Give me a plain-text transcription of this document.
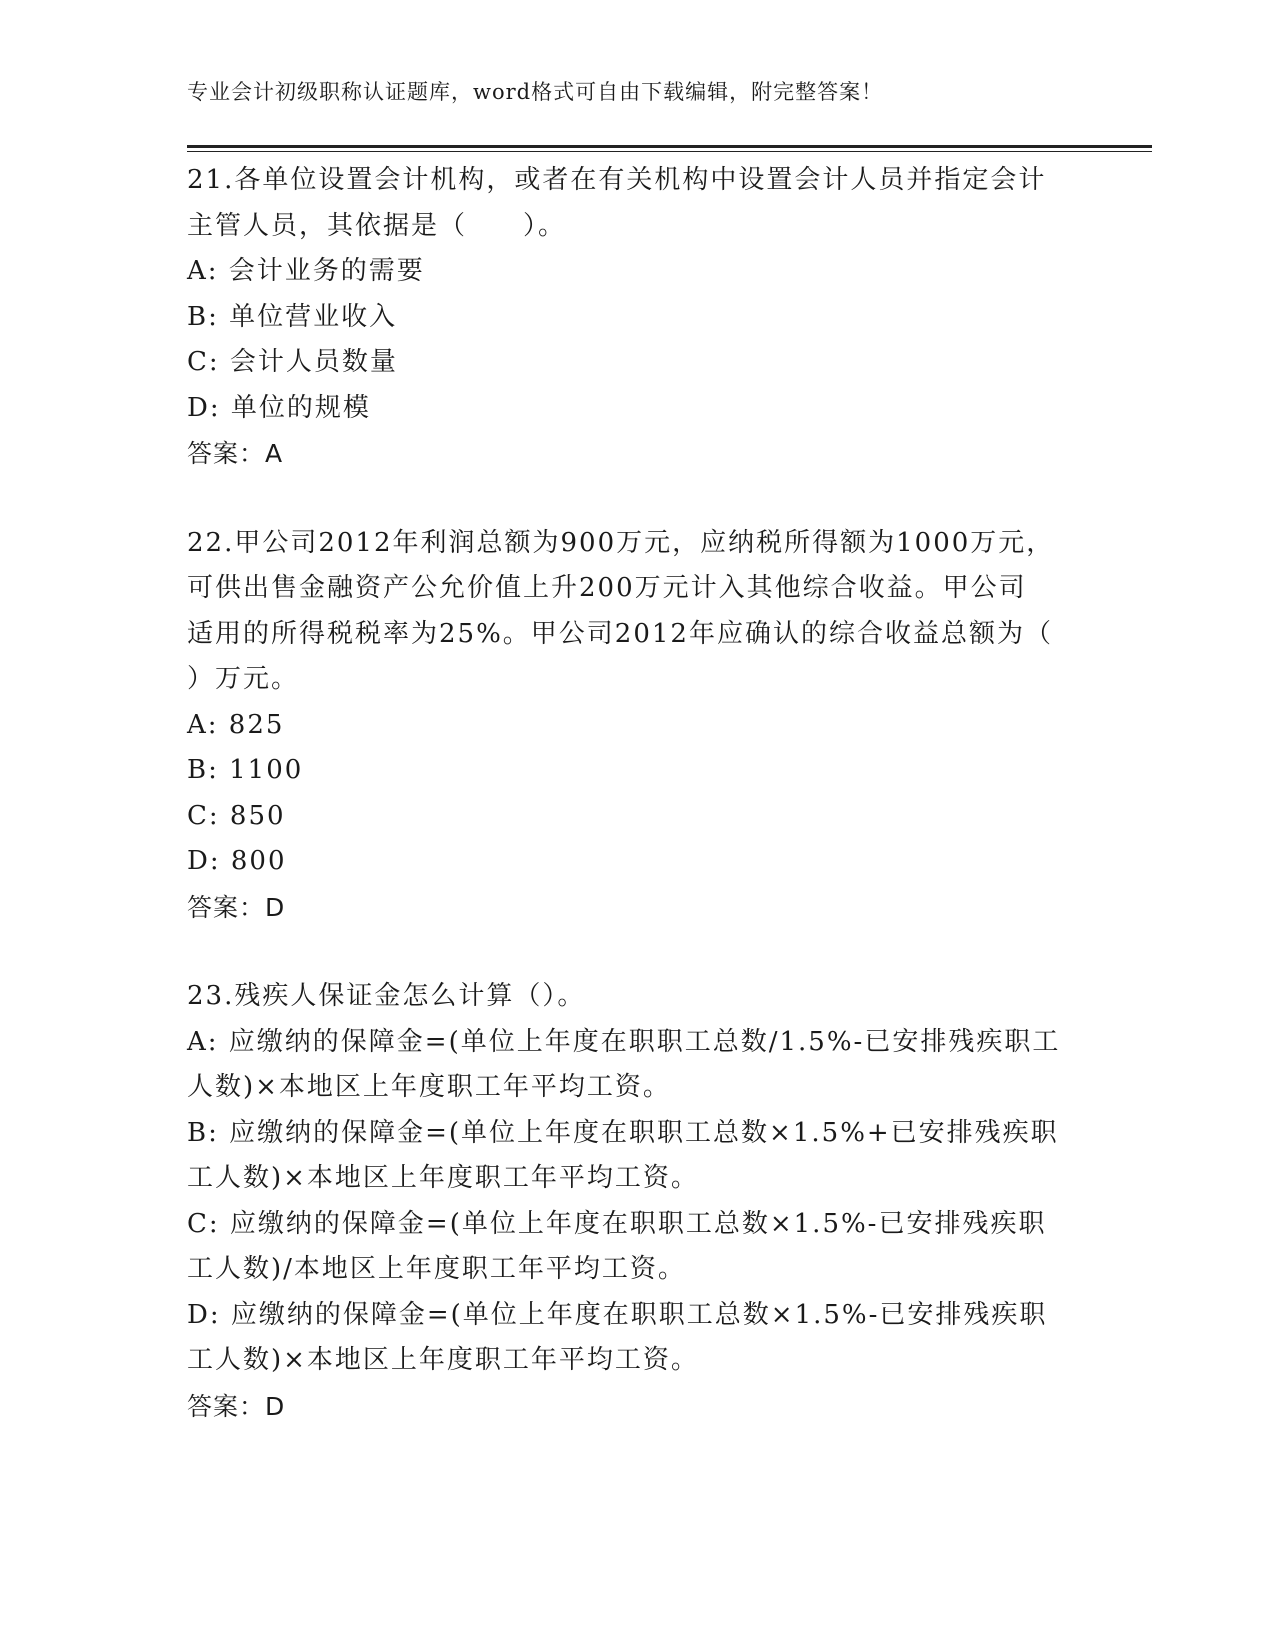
专业会计初级职称认证题库，word格式可自由下载编辑，附完整答案！
21.各单位设置会计机构，或者在有关机构中设置会计人员并指定会计
主管人员，其依据是（　　）。
A: 会计业务的需要
B: 单位营业收入
C: 会计人员数量
D: 单位的规模
答案：A
22.甲公司2012年利润总额为900万元，应纳税所得额为1000万元，
可供出售金融资产公允价值上升200万元计入其他综合收益。甲公司
适用的所得税税率为25%。甲公司2012年应确认的综合收益总额为（
）万元。
A: 825
B: 1100
C: 850
D: 800
答案：D
23.残疾人保证金怎么计算（）。
A: 应缴纳的保障金=(单位上年度在职职工总数/1.5%-已安排残疾职工
人数)×本地区上年度职工年平均工资。
B: 应缴纳的保障金=(单位上年度在职职工总数×1.5%+已安排残疾职
工人数)×本地区上年度职工年平均工资。
C: 应缴纳的保障金=(单位上年度在职职工总数×1.5%-已安排残疾职
工人数)/本地区上年度职工年平均工资。
D: 应缴纳的保障金=(单位上年度在职职工总数×1.5%-已安排残疾职
工人数)×本地区上年度职工年平均工资。
答案：D
